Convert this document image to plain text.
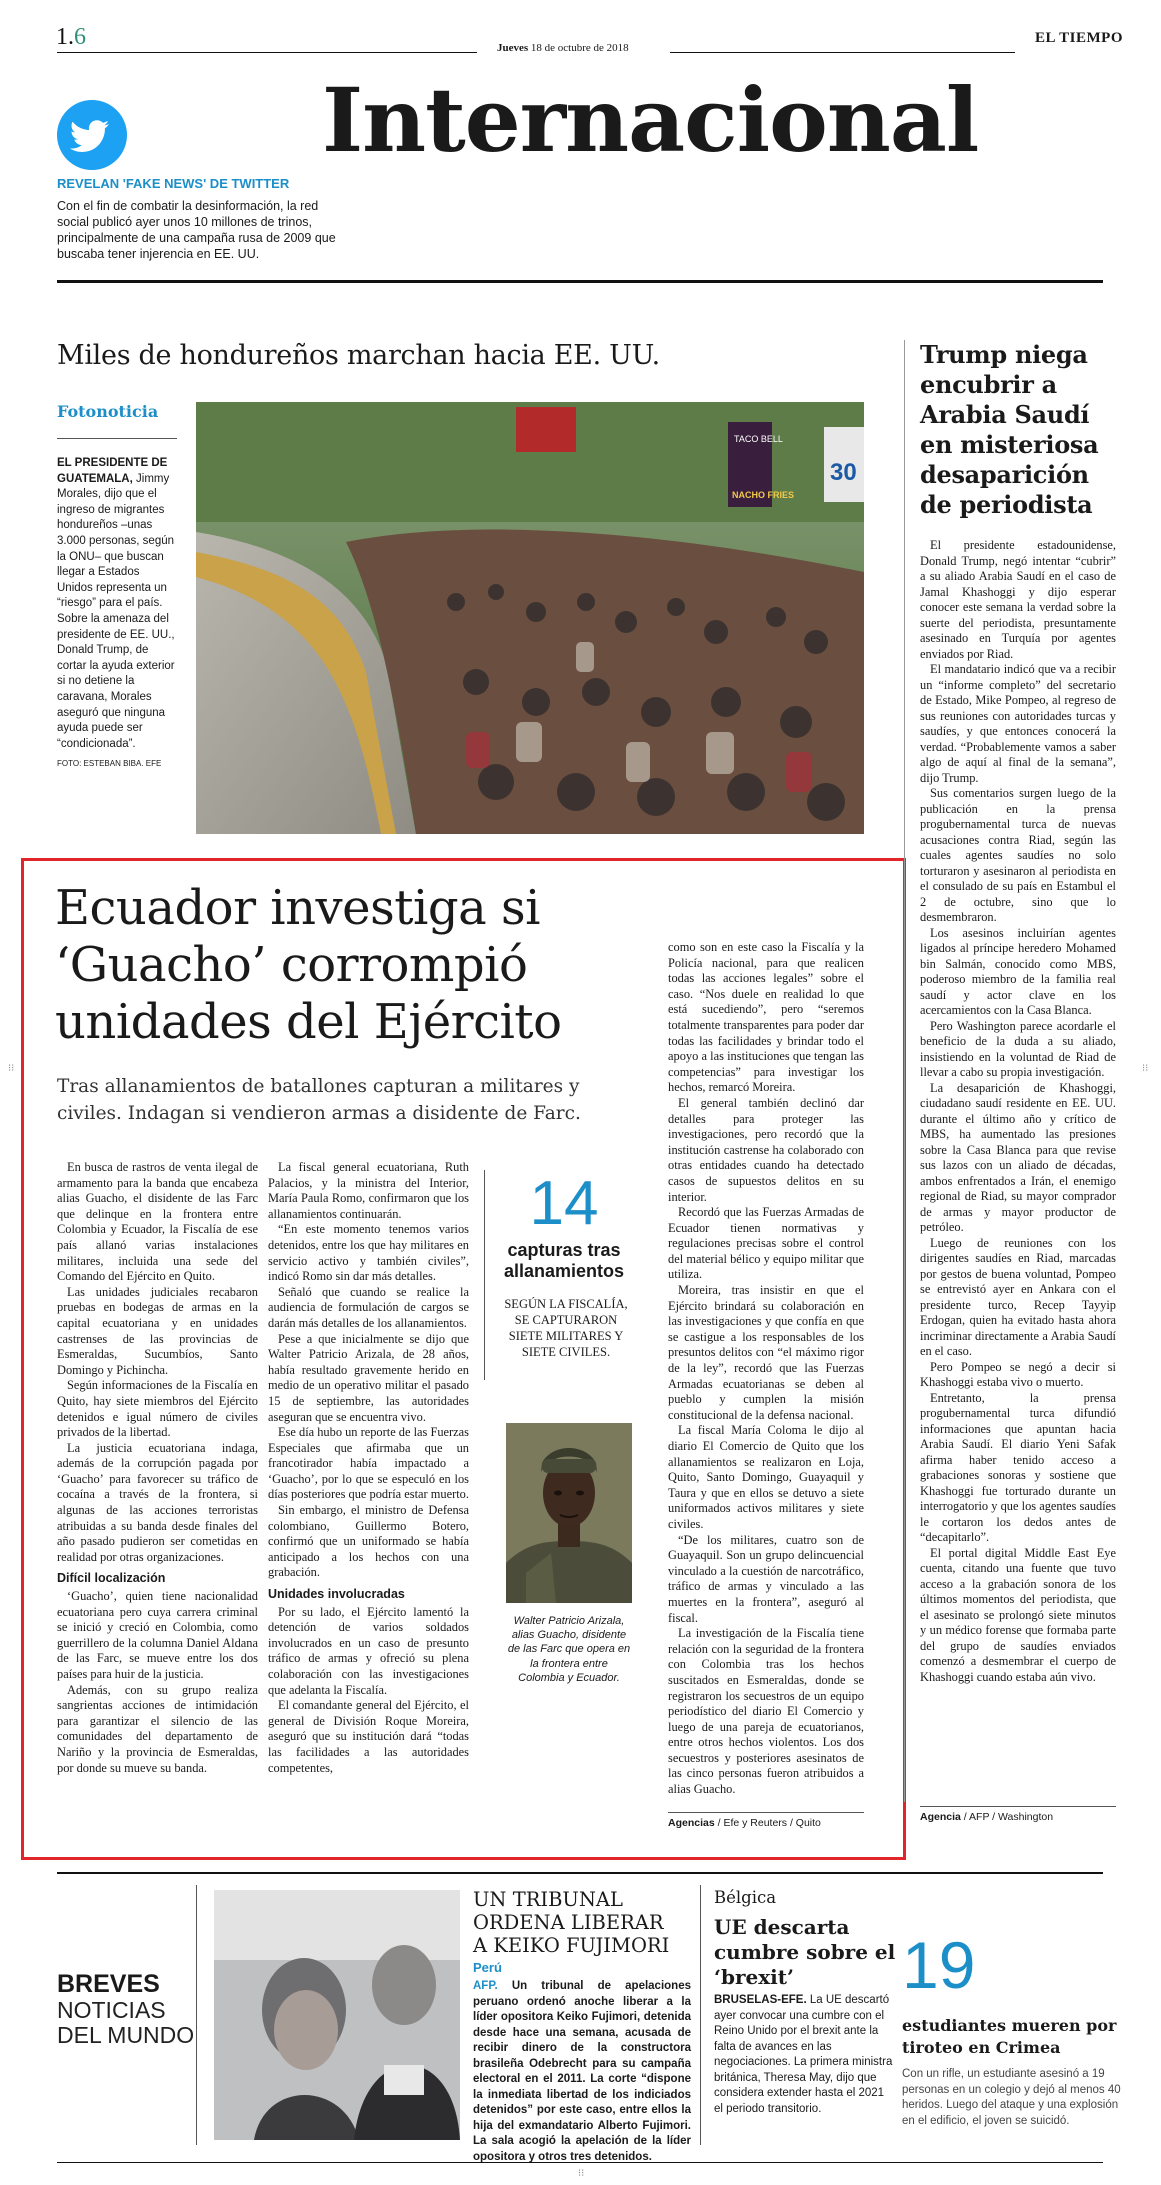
1.6	Jueves 18 de octubre de 2018
EL TIEMPO
Internacional
REVELAN 'FAKE NEWS' DE TWITTER
Con el fin de combatir la desinformación, la red social publicó ayer unos 10 millones de trinos, principalmente de una campaña rusa de 2009 que buscaba tener injerencia en EE. UU.
Miles de hondureños marchan hacia EE. UU.
Fotonoticia
EL PRESIDENTE DE GUATEMALA, Jimmy Morales, dijo que el ingreso de migrantes hondureños –unas 3.000 personas, según la ONU– que buscan llegar a Estados Unidos representa un “riesgo” para el país. Sobre la amenaza del presidente de EE. UU., Donald Trump, de cortar la ayuda exterior si no detiene la caravana, Morales aseguró que ninguna ayuda puede ser “condicionada”.
FOTO: ESTEBAN BIBA. EFE
TACO BELL
NACHO FRIES
30
Ecuador investiga si ‘Guacho’ corrompió unidades del Ejército
Tras allanamientos de batallones capturan a militares y civiles. Indagan si vendieron armas a disidente de Farc.

En busca de rastros de venta ilegal de armamento para la banda que encabeza alias Guacho, el disidente de las Farc que delinque en la frontera entre Colombia y Ecuador, la Fiscalía de ese país allanó varias instalaciones militares, incluida una sede del Comando del Ejército en Quito.

Las unidades judiciales recabaron pruebas en bodegas de armas en la capital ecuatoriana y en unidades castrenses de las provincias de Esmeraldas, Sucumbíos, Santo Domingo y Pichincha.

Según informaciones de la Fiscalía en Quito, hay siete miembros del Ejército detenidos e igual número de civiles privados de la libertad.

La justicia ecuatoriana indaga, además de la corrupción pagada por ‘Guacho’ para favorecer su tráfico de cocaína a través de la frontera, si algunas de las acciones terroristas atribuidas a su banda desde finales del año pasado pudieron ser cometidas en realidad por otras organizaciones.

Difícil localización

‘Guacho’, quien tiene nacionalidad ecuatoriana pero cuya carrera criminal se inició y creció en Colombia, como guerrillero de la columna Daniel Aldana de las Farc, se mueve entre los dos países para huir de la justicia.

Además, con su grupo realiza sangrientas acciones de intimidación para garantizar el silencio de las comunidades del departamento de Nariño y la provincia de Esmeraldas, por donde su mueve su banda.

La fiscal general ecuatoriana, Ruth Palacios, y la ministra del Interior, María Paula Romo, confirmaron que los allanamientos continuarán.

“En este momento tenemos varios detenidos, entre los que hay militares en servicio activo y también civiles”, indicó Romo sin dar más detalles.

Señaló que cuando se realice la audiencia de formulación de cargos se darán más detalles de los allanamientos.

Pese a que inicialmente se dijo que Walter Patricio Arizala, de 28 años, había resultado gravemente herido en medio de un operativo militar el pasado 15 de septiembre, las autoridades aseguran que se encuentra vivo.

Ese día hubo un reporte de las Fuerzas Especiales que afirmaba que un francotirador había impactado a ‘Guacho’, por lo que se especuló en los días posteriores que podría estar muerto.

Sin embargo, el ministro de Defensa colombiano, Guillermo Botero, confirmó que un uniformado se había anticipado a los hechos con una grabación.

Unidades involucradas

Por su lado, el Ejército lamentó la detención de varios soldados involucrados en un caso de presunto tráfico de armas y ofreció su plena colaboración con las investigaciones que adelanta la Fiscalía.

El comandante general del Ejército, el general de División Roque Moreira, aseguró que su institución dará “todas las facilidades a las autoridades competentes,

14
capturas tras allanamientos
SEGÚN LA FISCALÍA, SE CAPTURARON SIETE MILITARES Y SIETE CIVILES.
Walter Patricio Arizala, alias Guacho, disidente de las Farc que opera en la frontera entre Colombia y Ecuador.

como son en este caso la Fiscalía y la Policía nacional, para que realicen todas las acciones legales” sobre el caso. “Nos duele en realidad lo que está sucediendo”, pero “seremos totalmente transparentes para poder dar todas las facilidades y brindar todo el apoyo a las instituciones que tengan las competencias” para investigar los hechos, remarcó Moreira.

El general también declinó dar detalles para proteger las investigaciones, pero recordó que la institución castrense ha colaborado con otras entidades cuando ha detectado casos de supuestos delitos en su interior.

Recordó que las Fuerzas Armadas de Ecuador tienen normativas y regulaciones precisas sobre el control del material bélico y equipo militar que utiliza.

Moreira, tras insistir en que el Ejército brindará su colaboración en las investigaciones y que confía en que se castigue a los responsables de los presuntos delitos con “el máximo rigor de la ley”, recordó que las Fuerzas Armadas ecuatorianas se deben al pueblo y cumplen la misión constitucional de la defensa nacional.

La fiscal María Coloma le dijo al diario El Comercio de Quito que los allanamientos se realizaron en Loja, Quito, Santo Domingo, Guayaquil y Taura y que en ellos se detuvo a siete uniformados activos militares y siete civiles.

“De los militares, cuatro son de Guayaquil. Son un grupo delincuencial vinculado a la cuestión de narcotráfico, tráfico de armas y vinculado a las muertes en la frontera”, aseguró al fiscal.

La investigación de la Fiscalía tiene relación con la seguridad de la frontera con Colombia tras los hechos suscitados en Esmeraldas, donde se registraron los secuestros de un equipo periodístico del diario El Comercio y luego de una pareja de ecuatorianos, entre otros hechos violentos. Los dos secuestros y posteriores asesinatos de las cinco personas fueron atribuidos a alias Guacho.

Agencias / Efe y Reuters / Quito
Trump niega encubrir a Arabia Saudí en misteriosa desaparición de periodista

El presidente estadounidense, Donald Trump, negó intentar “cubrir” a su aliado Arabia Saudí en el caso de Jamal Khashoggi y dijo esperar conocer este semana la verdad sobre la suerte del periodista, presuntamente asesinado en Turquía por agentes enviados por Riad.

El mandatario indicó que va a recibir un “informe completo” del secretario de Estado, Mike Pompeo, al regreso de sus reuniones con autoridades turcas y saudíes, y que entonces conocerá la verdad. “Probablemente vamos a saber algo de aquí al final de la semana”, dijo Trump.

Sus comentarios surgen luego de la publicación en la prensa progubernamental turca de nuevas acusaciones contra Riad, según las cuales agentes saudíes no solo torturaron y asesinaron al periodista en el consulado de su país en Estambul el 2 de octubre, sino que lo desmembraron.

Los asesinos incluirían agentes ligados al príncipe heredero Mohamed bin Salmán, conocido como MBS, poderoso miembro de la familia real saudí y actor clave en los acercamientos con la Casa Blanca.

Pero Washington parece acordarle el beneficio de la duda a su aliado, insistiendo en la voluntad de Riad de llevar a cabo su propia investigación.

La desaparición de Khashoggi, ciudadano saudí residente en EE. UU. durante el último año y crítico de MBS, ha aumentado las presiones sobre la Casa Blanca para que revise sus lazos con un aliado de décadas, ambos enfrentados a Irán, el enemigo regional de Riad, su mayor comprador de armas y mayor productor de petróleo.

Luego de reuniones con los dirigentes saudíes en Riad, marcadas por gestos de buena voluntad, Pompeo se entrevistó ayer en Ankara con el presidente turco, Recep Tayyip Erdogan, quien ha evitado hasta ahora incriminar directamente a Arabia Saudí en el caso.

Pero Pompeo se negó a decir si Khashoggi estaba vivo o muerto.

Entretanto, la prensa progubernamental turca difundió informaciones que apuntan hacia Arabia Saudí. El diario Yeni Safak afirma haber tenido acceso a grabaciones sonoras y sostiene que Khashoggi fue torturado durante un interrogatorio y que los agentes saudíes le cortaron los dedos antes de “decapitarlo”.

El portal digital Middle East Eye cuenta, citando una fuente que tuvo acceso a la grabación sonora de los últimos momentos del periodista, que el asesinato se prolongó siete minutos y un médico forense que formaba parte del grupo de saudíes enviados comenzó a desmembrar el cuerpo de Khashoggi cuando estaba aún vivo.

Agencia / AFP / Washington
BREVES
NOTICIAS DEL MUNDO
UN TRIBUNAL ORDENA LIBERAR A KEIKO FUJIMORI
Perú
AFP. Un tribunal de apelaciones peruano ordenó anoche liberar a la líder opositora Keiko Fujimori, detenida desde hace una semana, acusada de recibir dinero de la constructora brasileña Odebrecht para su campaña electoral en el 2011. La corte “dispone la inmediata libertad de los indiciados detenidos” por este caso, entre ellos la hija del exmandatario Alberto Fujimori. La sala acogió la apelación de la líder opositora y otros tres detenidos.
Bélgica
UE descarta cumbre sobre el ‘brexit’
BRUSELAS-EFE. La UE descartó ayer convocar una cumbre con el Reino Unido por el brexit ante la falta de avances en las negociaciones. La primera ministra británica, Theresa May, dijo que considera extender hasta el 2021 el periodo transitorio.
19
estudiantes mueren por tiroteo en Crimea
Con un rifle, un estudiante asesinó a 19 personas en un colegio y dejó al menos 40 heridos. Luego del ataque y una explosión en el edificio, el joven se suicidó.
⁝⁝	⁝⁝
⁝⁝
